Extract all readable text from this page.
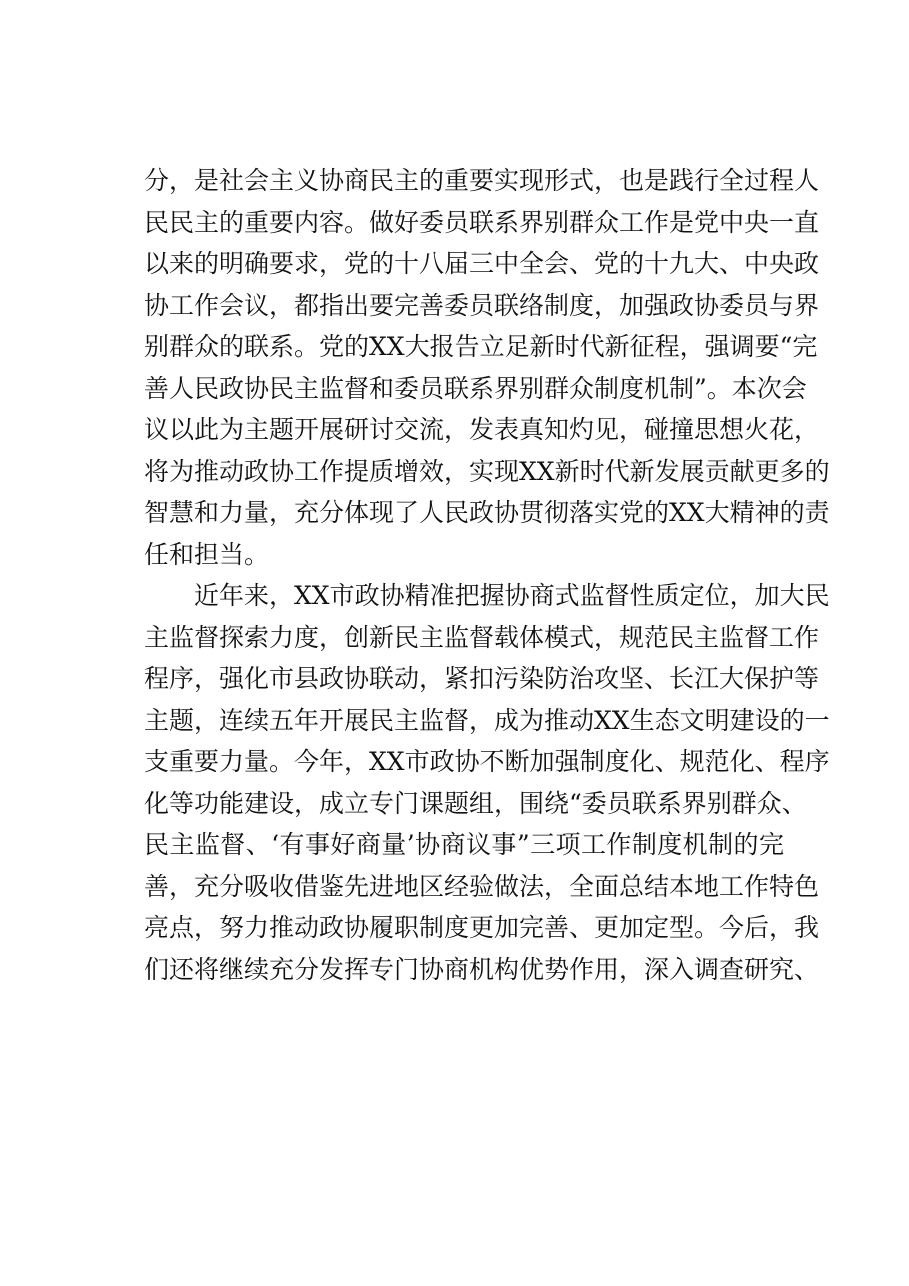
分，是社会主义协商民主的重要实现形式，也是践行全过程人
民民主的重要内容。做好委员联系界别群众工作是党中央一直
以来的明确要求，党的十八届三中全会、党的十九大、中央政
协工作会议，都指出要完善委员联络制度，加强政协委员与界
别群众的联系。党的XX大报告立足新时代新征程，强调要“完
善人民政协民主监督和委员联系界别群众制度机制”。本次会
议以此为主题开展研讨交流，发表真知灼见，碰撞思想火花，
将为推动政协工作提质增效，实现XX新时代新发展贡献更多的
智慧和力量，充分体现了人民政协贯彻落实党的XX大精神的责
任和担当。
近年来，XX市政协精准把握协商式监督性质定位，加大民
主监督探索力度，创新民主监督载体模式，规范民主监督工作
程序，强化市县政协联动，紧扣污染防治攻坚、长江大保护等
主题，连续五年开展民主监督，成为推动XX生态文明建设的一
支重要力量。今年，XX市政协不断加强制度化、规范化、程序
化等功能建设，成立专门课题组，围绕“委员联系界别群众、
民主监督、‘有事好商量’协商议事”三项工作制度机制的完
善，充分吸收借鉴先进地区经验做法，全面总结本地工作特色
亮点，努力推动政协履职制度更加完善、更加定型。今后，我
们还将继续充分发挥专门协商机构优势作用，深入调查研究、
